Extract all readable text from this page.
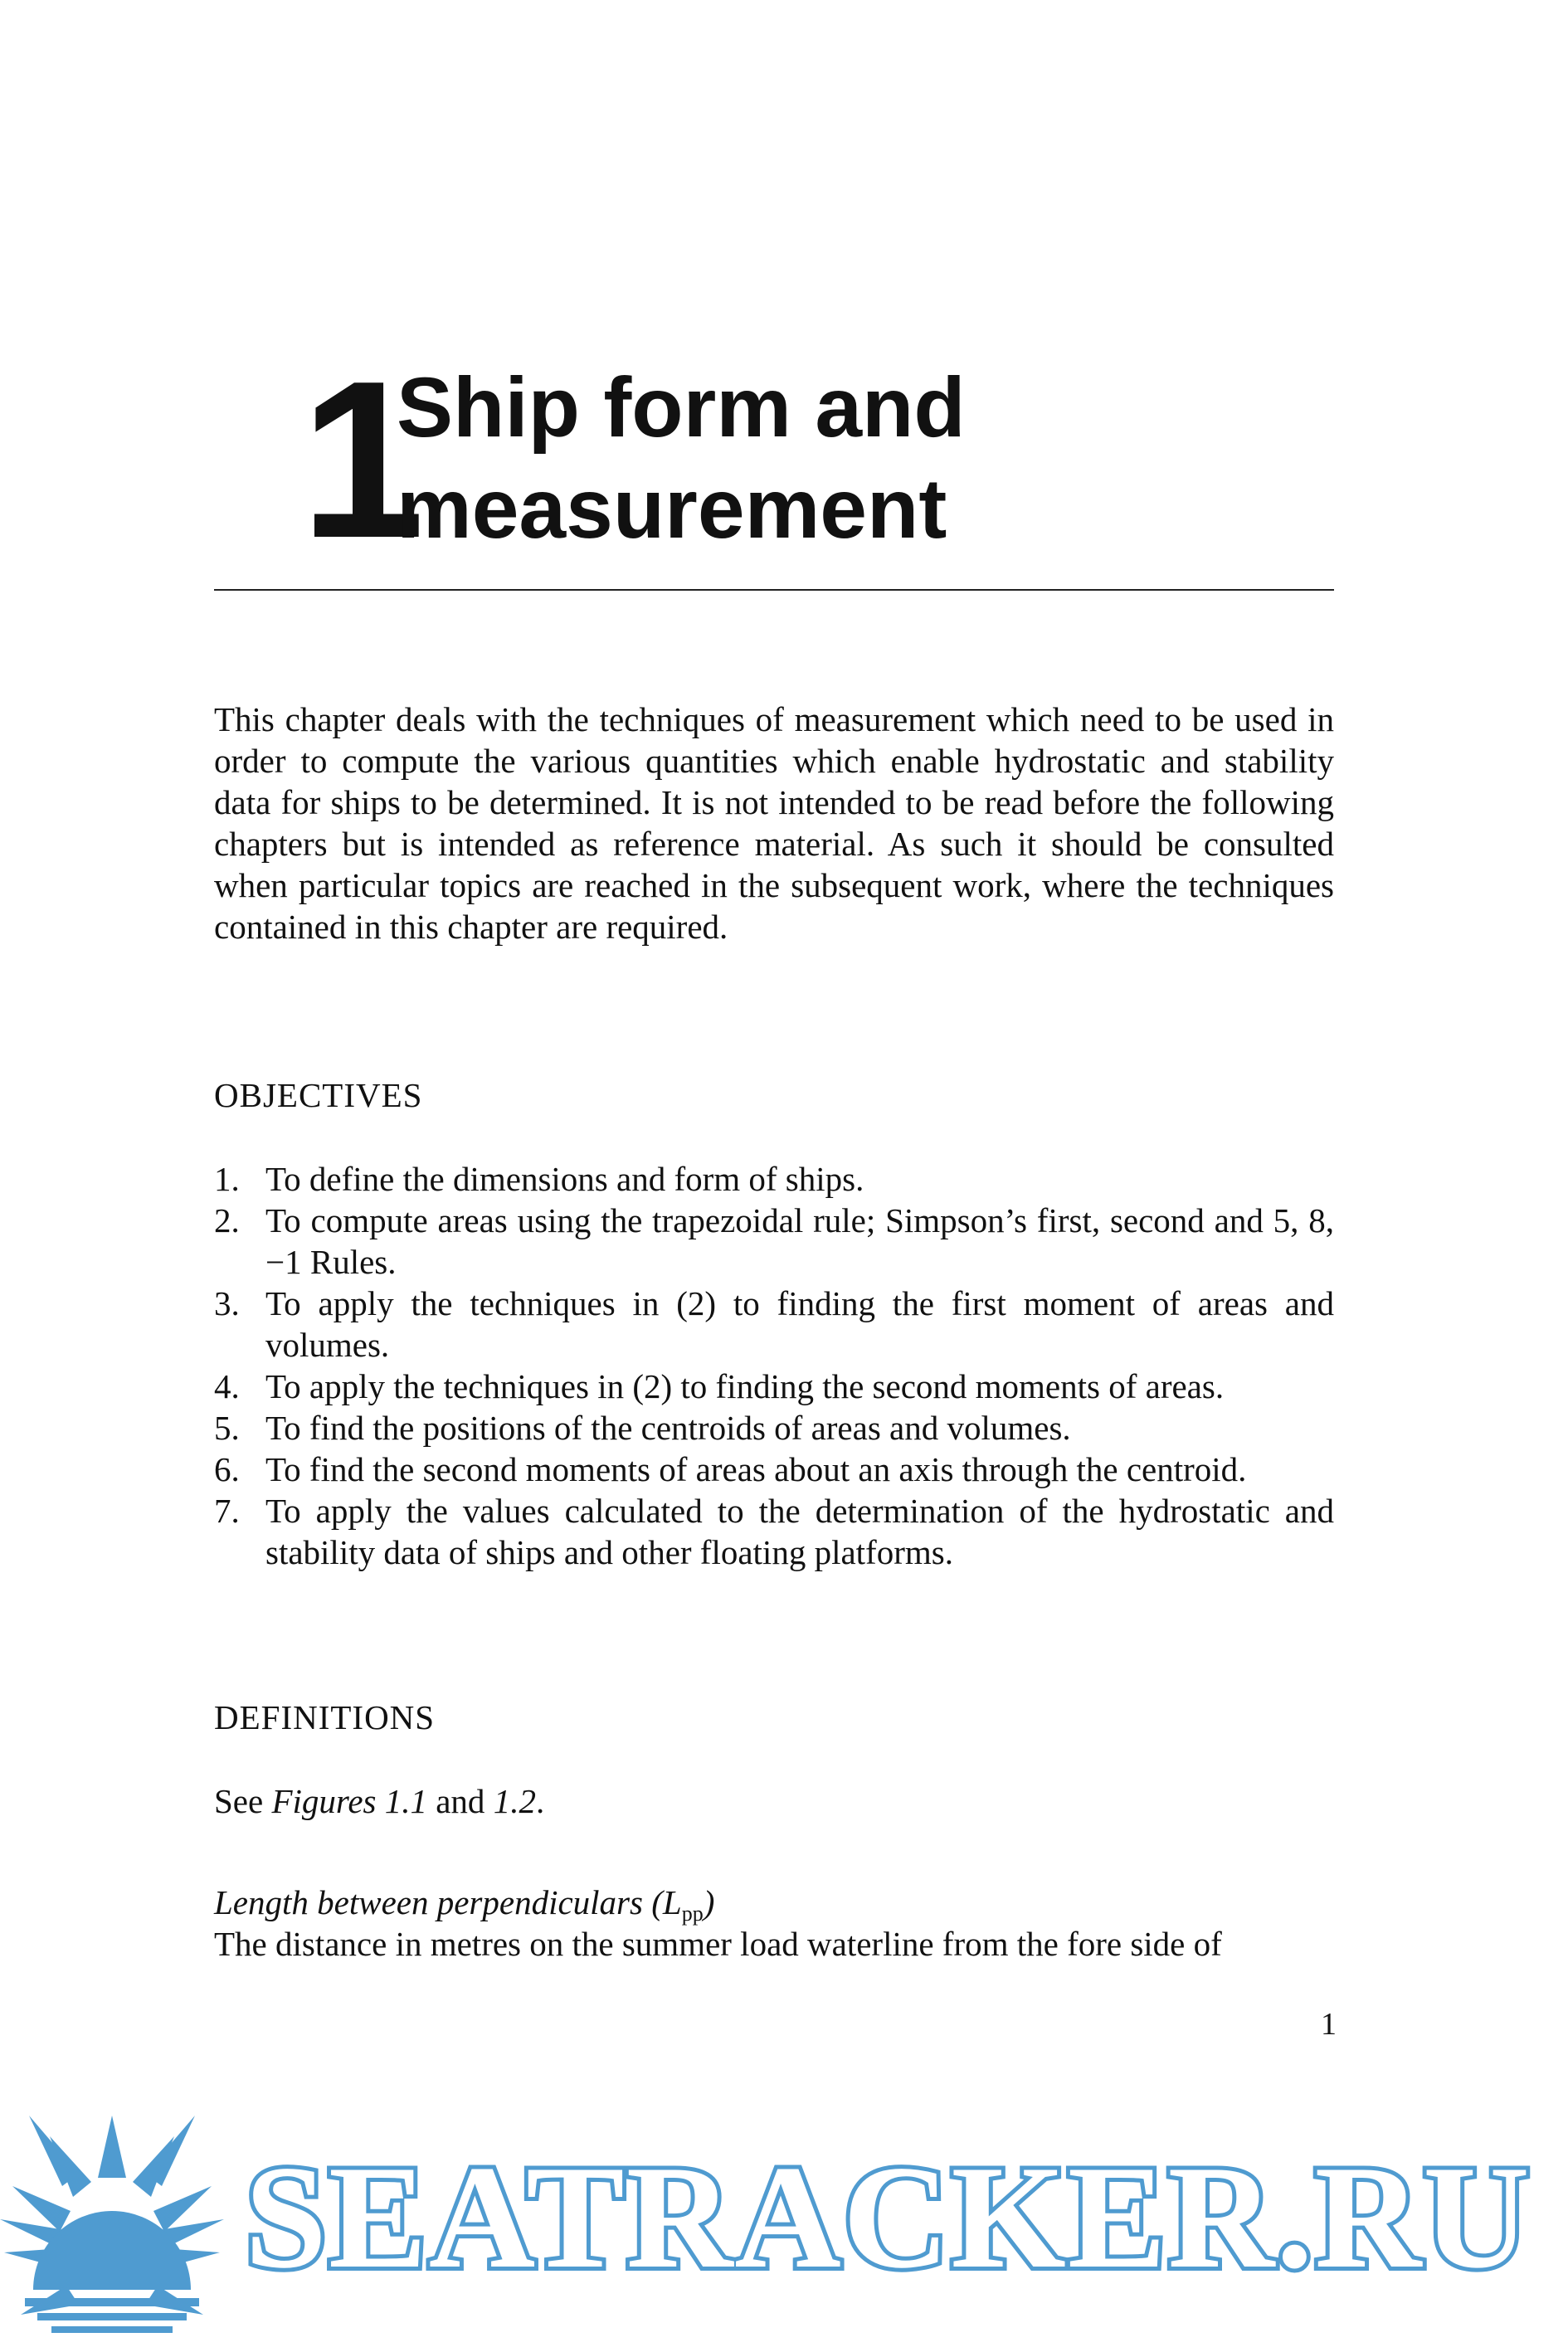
1
Ship form and
measurement

This chapter deals with the techniques of measurement which need to be used in order to compute the various quantities which enable hydrostatic and stability data for ships to be determined. It is not intended to be read before the following chapters but is intended as reference material. As such it should be consulted when particular topics are reached in the subsequent work, where the techniques contained in this chapter are required.

OBJECTIVES
1. To define the dimensions and form of ships.
2. To compute areas using the trapezoidal rule; Simpson’s first, second and 5, 8, −1 Rules.
3. To apply the techniques in (2) to finding the first moment of areas and volumes.
4. To apply the techniques in (2) to finding the second moments of areas.
5. To find the positions of the centroids of areas and volumes.
6. To find the second moments of areas about an axis through the centroid.
7. To apply the values calculated to the determination of the hydrostatic and stability data of ships and other floating platforms.
DEFINITIONS

See Figures 1.1 and 1.2.

Length between perpendiculars $(L_{pp})$

The distance in metres on the summer load waterline from the fore side of

1
SEATRACKER.RU
